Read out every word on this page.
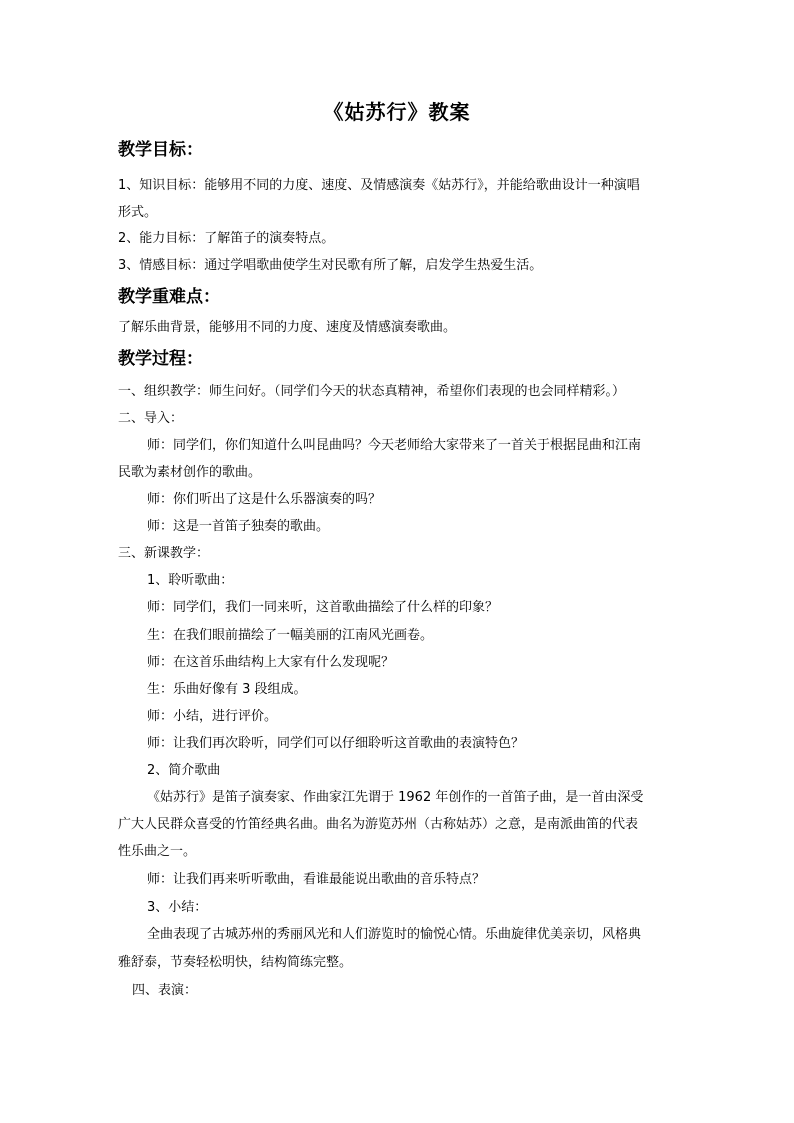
《姑苏行》教案
教学目标：
1、知识目标：能够用不同的力度、速度、及情感演奏《姑苏行》，并能给歌曲设计一种演唱
形式。
2、能力目标：了解笛子的演奏特点。
3、情感目标：通过学唱歌曲使学生对民歌有所了解，启发学生热爱生活。
教学重难点：
了解乐曲背景，能够用不同的力度、速度及情感演奏歌曲。
教学过程：
一、组织教学：师生问好。（同学们今天的状态真精神，希望你们表现的也会同样精彩。）
二、导入：
师：同学们，你们知道什么叫昆曲吗？今天老师给大家带来了一首关于根据昆曲和江南
民歌为素材创作的歌曲。
师：你们听出了这是什么乐器演奏的吗？
师：这是一首笛子独奏的歌曲。
三、新课教学：
1、聆听歌曲：
师：同学们，我们一同来听，这首歌曲描绘了什么样的印象？
生：在我们眼前描绘了一幅美丽的江南风光画卷。
师：在这首乐曲结构上大家有什么发现呢？
生：乐曲好像有 3 段组成。
师：小结，进行评价。
师：让我们再次聆听，同学们可以仔细聆听这首歌曲的表演特色？
2、简介歌曲
《姑苏行》是笛子演奏家、作曲家江先谓于 1962 年创作的一首笛子曲，是一首由深受
广大人民群众喜受的竹笛经典名曲。曲名为游览苏州（古称姑苏）之意，是南派曲笛的代表
性乐曲之一。
师：让我们再来听听歌曲，看谁最能说出歌曲的音乐特点？
3、小结：
全曲表现了古城苏州的秀丽风光和人们游览时的愉悦心情。乐曲旋律优美亲切，风格典
雅舒泰，节奏轻松明快，结构简练完整。
四、表演：
